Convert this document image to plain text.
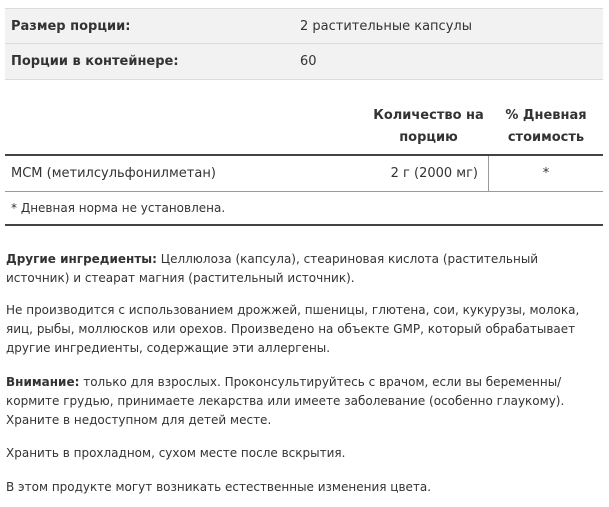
Размер порции:	2 растительные капсулы
Порции в контейнере:	60
Количество на
порцию
% Дневная
стоимость
MCM (метилсульфонилметан)	2 г (2000 мг)	*
* Дневная норма не установлена.

Другие ингредиенты: Целлюлоза (капсула), стеариновая кислота (растительный источник) и стеарат магния (растительный источник).

Не производится с использованием дрожжей, пшеницы, глютена, сои, кукурузы, молока, яиц, рыбы, моллюсков или орехов. Произведено на объекте GMP, который обрабатывает другие ингредиенты, содержащие эти аллергены.

Внимание: только для взрослых. Проконсультируйтесь с врачом, если вы беременны/кормите грудью, принимаете лекарства или имеете заболевание (особенно глаукому). Храните в недоступном для детей месте.

Хранить в прохладном, сухом месте после вскрытия.

В этом продукте могут возникать естественные изменения цвета.
